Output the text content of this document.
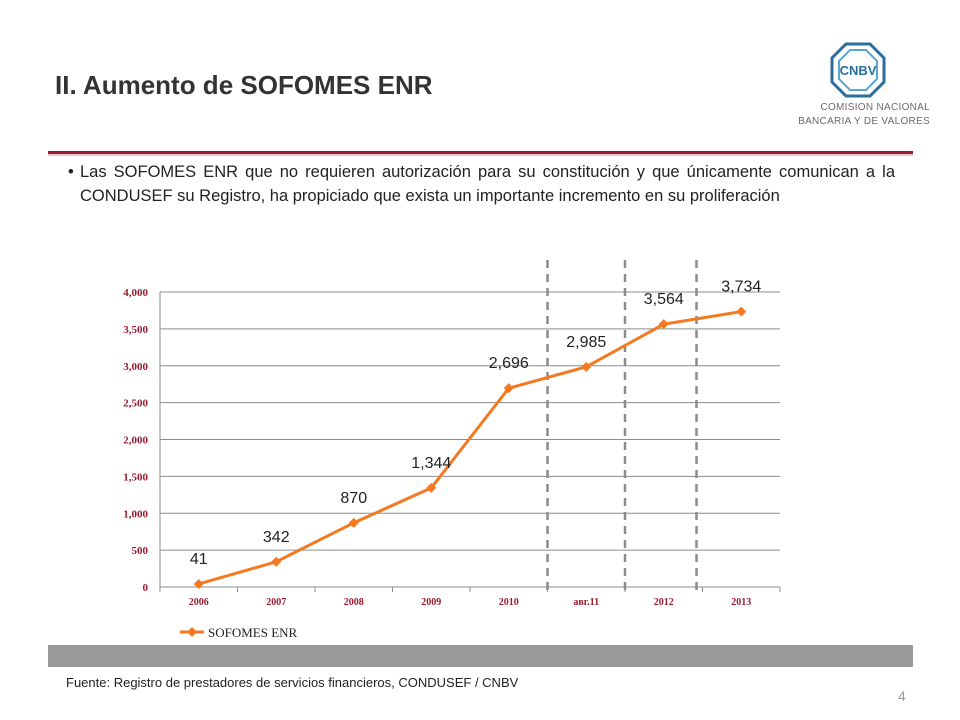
II. Aumento de SOFOMES ENR	CNBV
COMISION NACIONAL
BANCARIA Y DE VALORES
• Las SOFOMES ENR que no requieren autorización para su constitución y que únicamente comunican a la CONDUSEF su Registro, ha propiciado que exista un importante incremento en su proliferación
0
500
1,000
1,500
2,000
2,500
3,000
3,500
4,000
2006	2007	2008	2009	2010	авг.11	2012	2013
41
342
870
1,344
2,696
2,985
3,564
3,734
SOFOMES ENR
Fuente: Registro de prestadores de servicios financieros, CONDUSEF / CNBV
4
